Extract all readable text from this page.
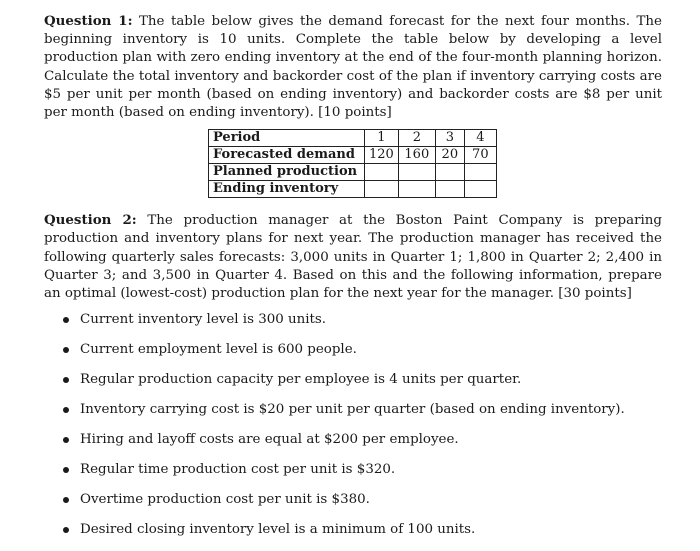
Question 1: The table below gives the demand forecast for the next four months. The beginning inventory is 10 units. Complete the table below by developing a level production plan with zero ending inventory at the end of the four-month planning horizon. Calculate the total inventory and backorder cost of the plan if inventory carrying costs are $5 per unit per month (based on ending inventory) and backorder costs are $8 per unit per month (based on ending inventory). [10 points]

Period	1	2	3	4
Forecasted demand	120	160	20	70
Planned production				
Ending inventory				

Question 2: The production manager at the Boston Paint Company is preparing production and inventory plans for next year. The production manager has received the following quarterly sales forecasts: 3,000 units in Quarter 1; 1,800 in Quarter 2; 2,400 in Quarter 3; and 3,500 in Quarter 4. Based on this and the following information, prepare an optimal (lowest-cost) production plan for the next year for the manager. [30 points]

Current inventory level is 300 units.
Current employment level is 600 people.
Regular production capacity per employee is 4 units per quarter.
Inventory carrying cost is $20 per unit per quarter (based on ending inventory).
Hiring and layoff costs are equal at $200 per employee.
Regular time production cost per unit is $320.
Overtime production cost per unit is $380.
Desired closing inventory level is a minimum of 100 units.
